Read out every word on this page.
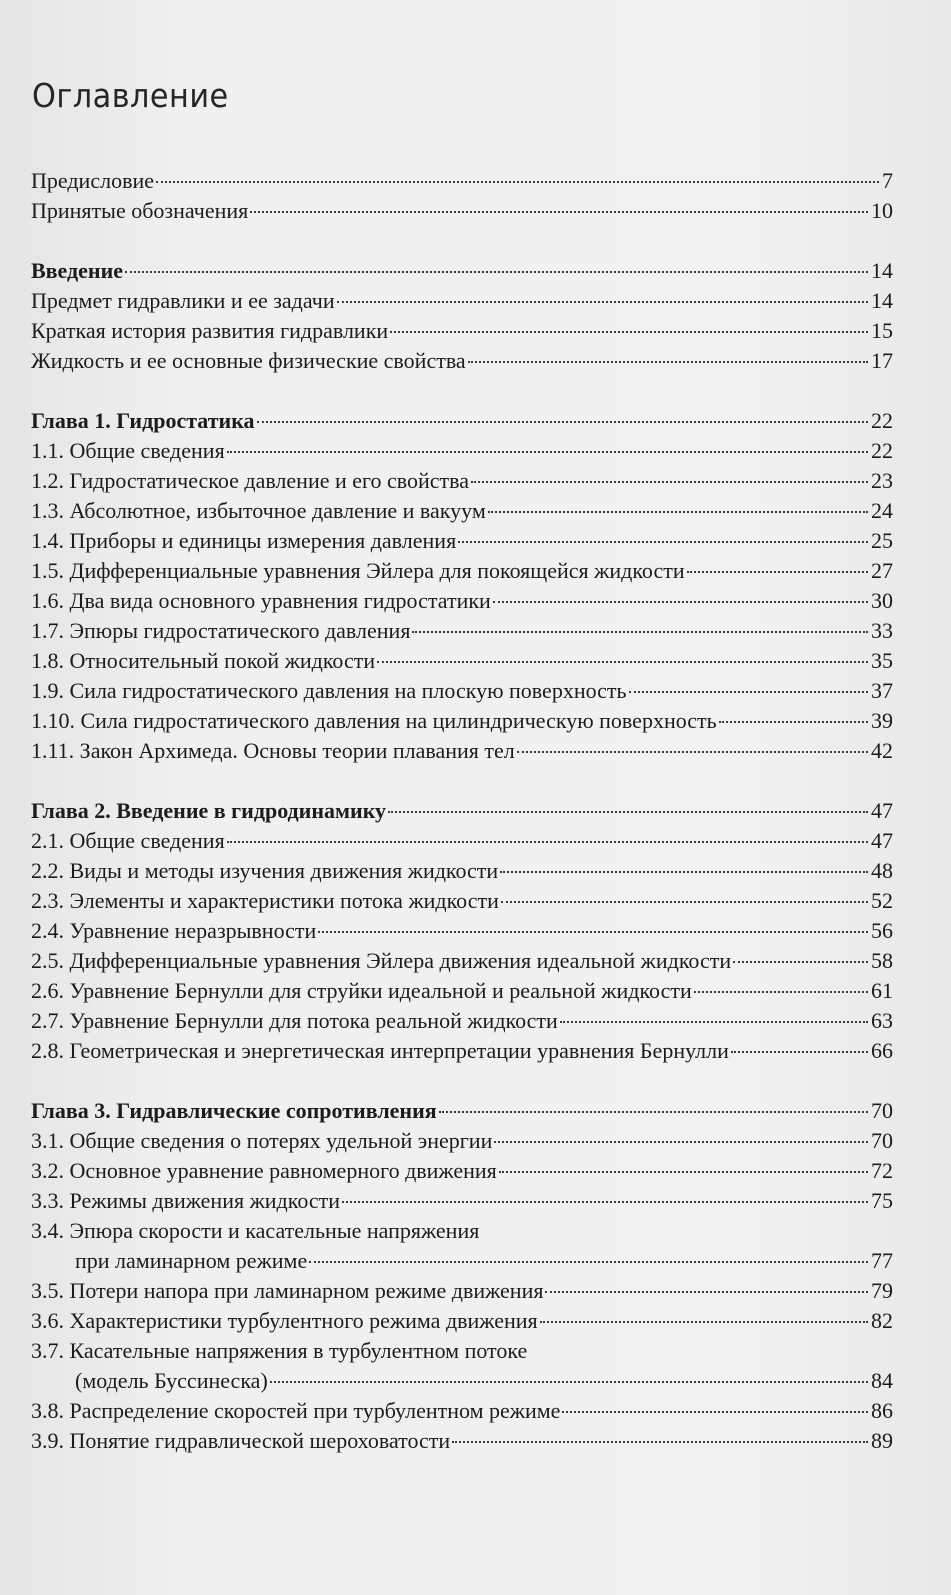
Оглавление
Предисловие	7
Принятые обозначения	10
Введение	14
Предмет гидравлики и ее задачи	14
Краткая история развития гидравлики	15
Жидкость и ее основные физические свойства	17
Глава 1. Гидростатика	22
1.1. Общие сведения	22
1.2. Гидростатическое давление и его свойства	23
1.3. Абсолютное, избыточное давление и вакуум	24
1.4. Приборы и единицы измерения давления	25
1.5. Дифференциальные уравнения Эйлера для покоящейся жидкости	27
1.6. Два вида основного уравнения гидростатики	30
1.7. Эпюры гидростатического давления	33
1.8. Относительный покой жидкости	35
1.9. Сила гидростатического давления на плоскую поверхность	37
1.10. Сила гидростатического давления на цилиндрическую поверхность	39
1.11. Закон Архимеда. Основы теории плавания тел	42
Глава 2. Введение в гидродинамику	47
2.1. Общие сведения	47
2.2. Виды и методы изучения движения жидкости	48
2.3. Элементы и характеристики потока жидкости	52
2.4. Уравнение неразрывности	56
2.5. Дифференциальные уравнения Эйлера движения идеальной жидкости	58
2.6. Уравнение Бернулли для струйки идеальной и реальной жидкости	61
2.7. Уравнение Бернулли для потока реальной жидкости	63
2.8. Геометрическая и энергетическая интерпретации уравнения Бернулли	66
Глава 3. Гидравлические сопротивления	70
3.1. Общие сведения о потерях удельной энергии	70
3.2. Основное уравнение равномерного движения	72
3.3. Режимы движения жидкости	75
3.4. Эпюра скорости и касательные напряжения
при ламинарном режиме	77
3.5. Потери напора при ламинарном режиме движения	79
3.6. Характеристики турбулентного режима движения	82
3.7. Касательные напряжения в турбулентном потоке
(модель Буссинеска)	84
3.8. Распределение скоростей при турбулентном режиме	86
3.9. Понятие гидравлической шероховатости	89
